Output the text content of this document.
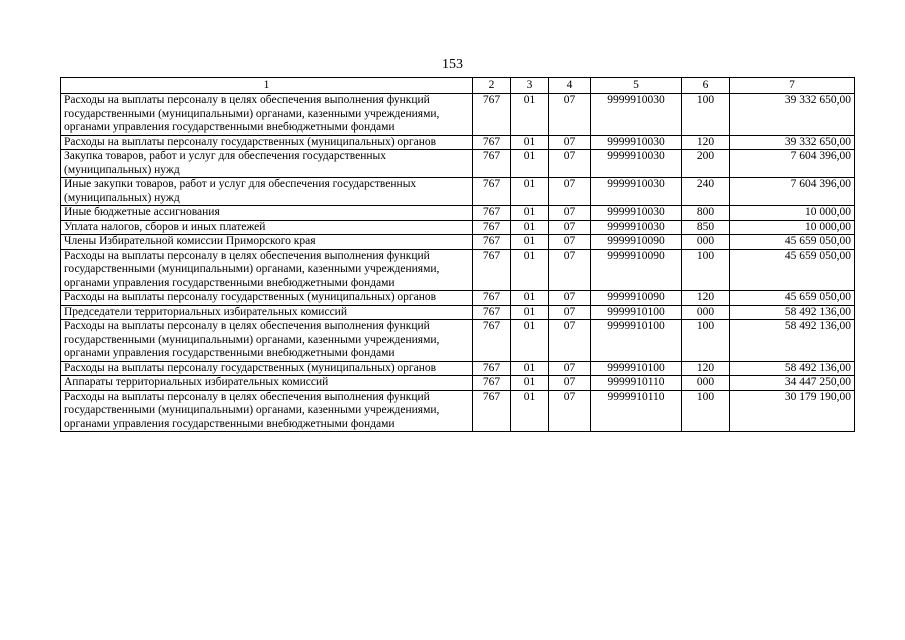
153
1	2	3	4	5	6	7
Расходы на выплаты персоналу в целях обеспечения выполнения функций государственными (муниципальными) органами, казенными учреждениями, органами управления государственными внебюджетными фондами	767	01	07	9999910030	100	39 332 650,00
Расходы на выплаты персоналу государственных (муниципальных) органов	767	01	07	9999910030	120	39 332 650,00
Закупка товаров, работ и услуг для обеспечения государственных (муниципальных) нужд	767	01	07	9999910030	200	7 604 396,00
Иные закупки товаров, работ и услуг для обеспечения государственных (муниципальных) нужд	767	01	07	9999910030	240	7 604 396,00
Иные бюджетные ассигнования	767	01	07	9999910030	800	10 000,00
Уплата налогов, сборов и иных платежей	767	01	07	9999910030	850	10 000,00
Члены Избирательной комиссии Приморского края	767	01	07	9999910090	000	45 659 050,00
Расходы на выплаты персоналу в целях обеспечения выполнения функций государственными (муниципальными) органами, казенными учреждениями, органами управления государственными внебюджетными фондами	767	01	07	9999910090	100	45 659 050,00
Расходы на выплаты персоналу государственных (муниципальных) органов	767	01	07	9999910090	120	45 659 050,00
Председатели территориальных избирательных комиссий	767	01	07	9999910100	000	58 492 136,00
Расходы на выплаты персоналу в целях обеспечения выполнения функций государственными (муниципальными) органами, казенными учреждениями, органами управления государственными внебюджетными фондами	767	01	07	9999910100	100	58 492 136,00
Расходы на выплаты персоналу государственных (муниципальных) органов	767	01	07	9999910100	120	58 492 136,00
Аппараты территориальных избирательных комиссий	767	01	07	9999910110	000	34 447 250,00
Расходы на выплаты персоналу в целях обеспечения выполнения функций государственными (муниципальными) органами, казенными учреждениями, органами управления государственными внебюджетными фондами	767	01	07	9999910110	100	30 179 190,00
